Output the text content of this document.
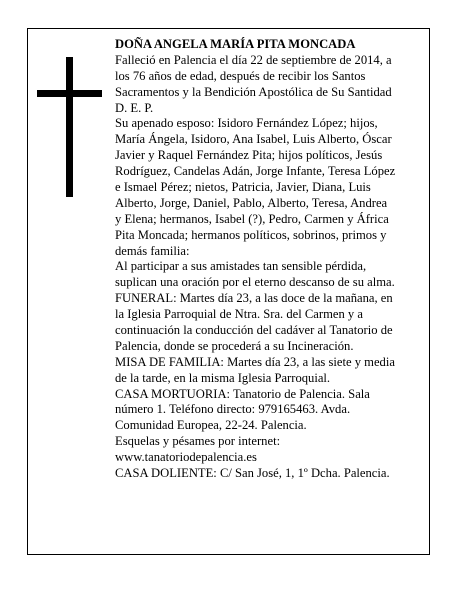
DOÑA ANGELA MARÍA PITA MONCADA
Falleció en Palencia el día 22 de septiembre de 2014, a
los 76 años de edad, después de recibir los Santos
Sacramentos y la Bendición Apostólica de Su Santidad
D. E. P.
Su apenado esposo: Isidoro Fernández López; hijos,
María Ángela, Isidoro, Ana Isabel, Luis Alberto, Óscar
Javier y Raquel Fernández Pita; hijos políticos, Jesús
Rodríguez, Candelas Adán, Jorge Infante, Teresa López
e Ismael Pérez; nietos, Patricia, Javier, Diana, Luis
Alberto, Jorge, Daniel, Pablo, Alberto, Teresa, Andrea
y Elena; hermanos, Isabel (?), Pedro, Carmen y África
Pita Moncada; hermanos políticos, sobrinos, primos y
demás familia:
Al participar a sus amistades tan sensible pérdida,
suplican una oración por el eterno descanso de su alma.
FUNERAL: Martes día 23, a las doce de la mañana, en
la Iglesia Parroquial de Ntra. Sra. del Carmen y a
continuación la conducción del cadáver al Tanatorio de
Palencia, donde se procederá a su Incineración.
MISA DE FAMILIA: Martes día 23, a las siete y media
de la tarde, en la misma Iglesia Parroquial.
CASA MORTUORIA: Tanatorio de Palencia. Sala
número 1. Teléfono directo: 979165463. Avda.
Comunidad Europea, 22-24. Palencia.
Esquelas y pésames por internet:
www.tanatoriodepalencia.es
CASA DOLIENTE: C/ San José, 1, 1º Dcha. Palencia.
